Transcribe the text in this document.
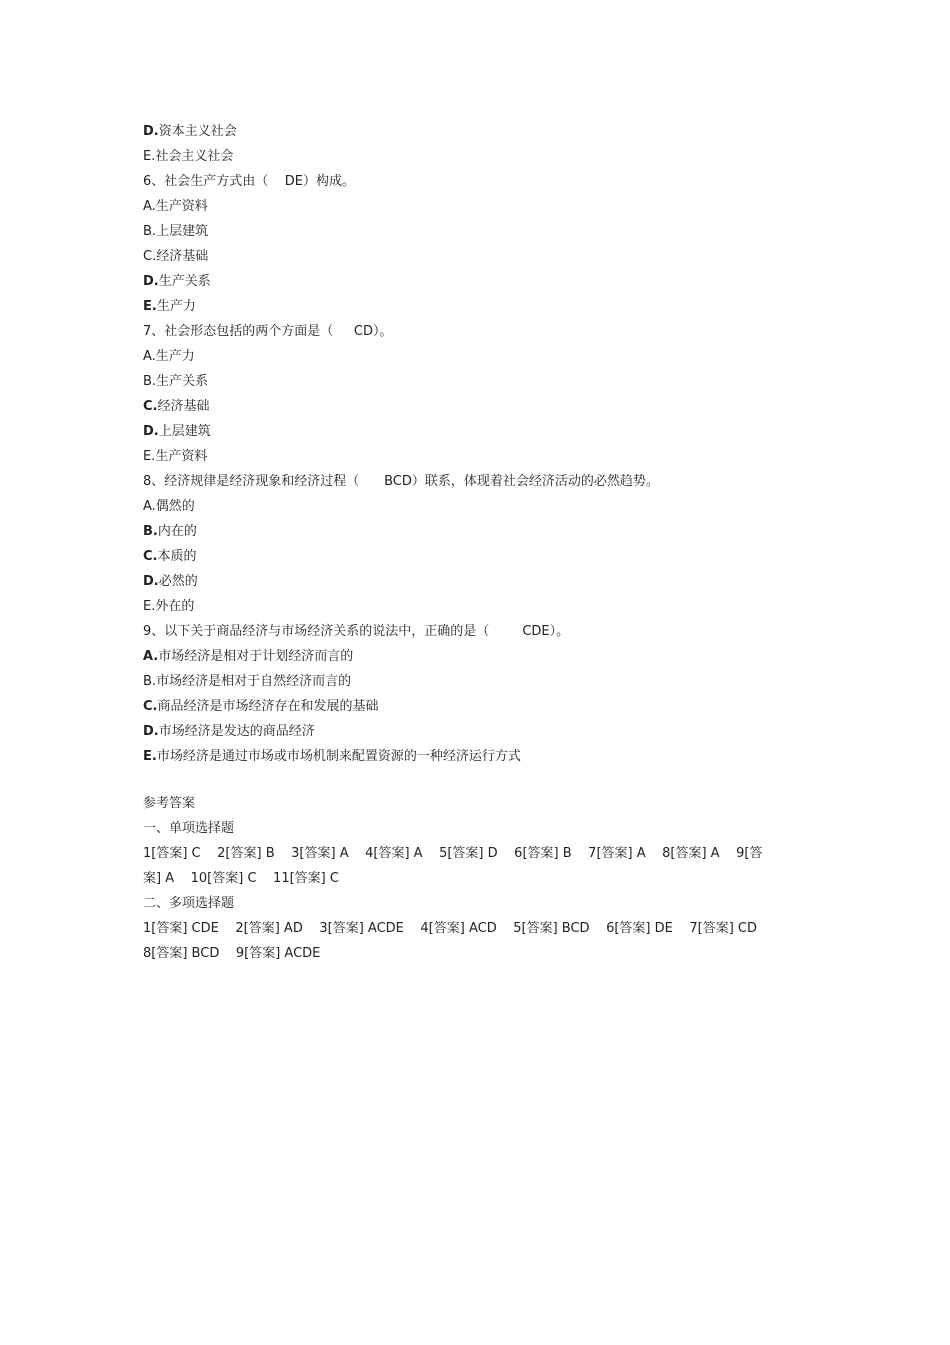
D.资本主义社会
E.社会主义社会
6、社会生产方式由（    DE）构成。
A.生产资料
B.上层建筑
C.经济基础
D.生产关系
E.生产力
7、社会形态包括的两个方面是（     CD）。
A.生产力
B.生产关系
C.经济基础
D.上层建筑
E.生产资料
8、经济规律是经济现象和经济过程（      BCD）联系，体现着社会经济活动的必然趋势。
A.偶然的
B.内在的
C.本质的
D.必然的
E.外在的
9、以下关于商品经济与市场经济关系的说法中，正确的是（        CDE）。
A.市场经济是相对于计划经济而言的
B.市场经济是相对于自然经济而言的
C.商品经济是市场经济存在和发展的基础
D.市场经济是发达的商品经济
E.市场经济是通过市场或市场机制来配置资源的一种经济运行方式
参考答案
一、单项选择题
1[答案] C    2[答案] B    3[答案] A    4[答案] A    5[答案] D    6[答案] B    7[答案] A    8[答案] A    9[答
案] A    10[答案] C    11[答案] C
二、多项选择题
1[答案] CDE    2[答案] AD    3[答案] ACDE    4[答案] ACD    5[答案] BCD    6[答案] DE    7[答案] CD
8[答案] BCD    9[答案] ACDE
